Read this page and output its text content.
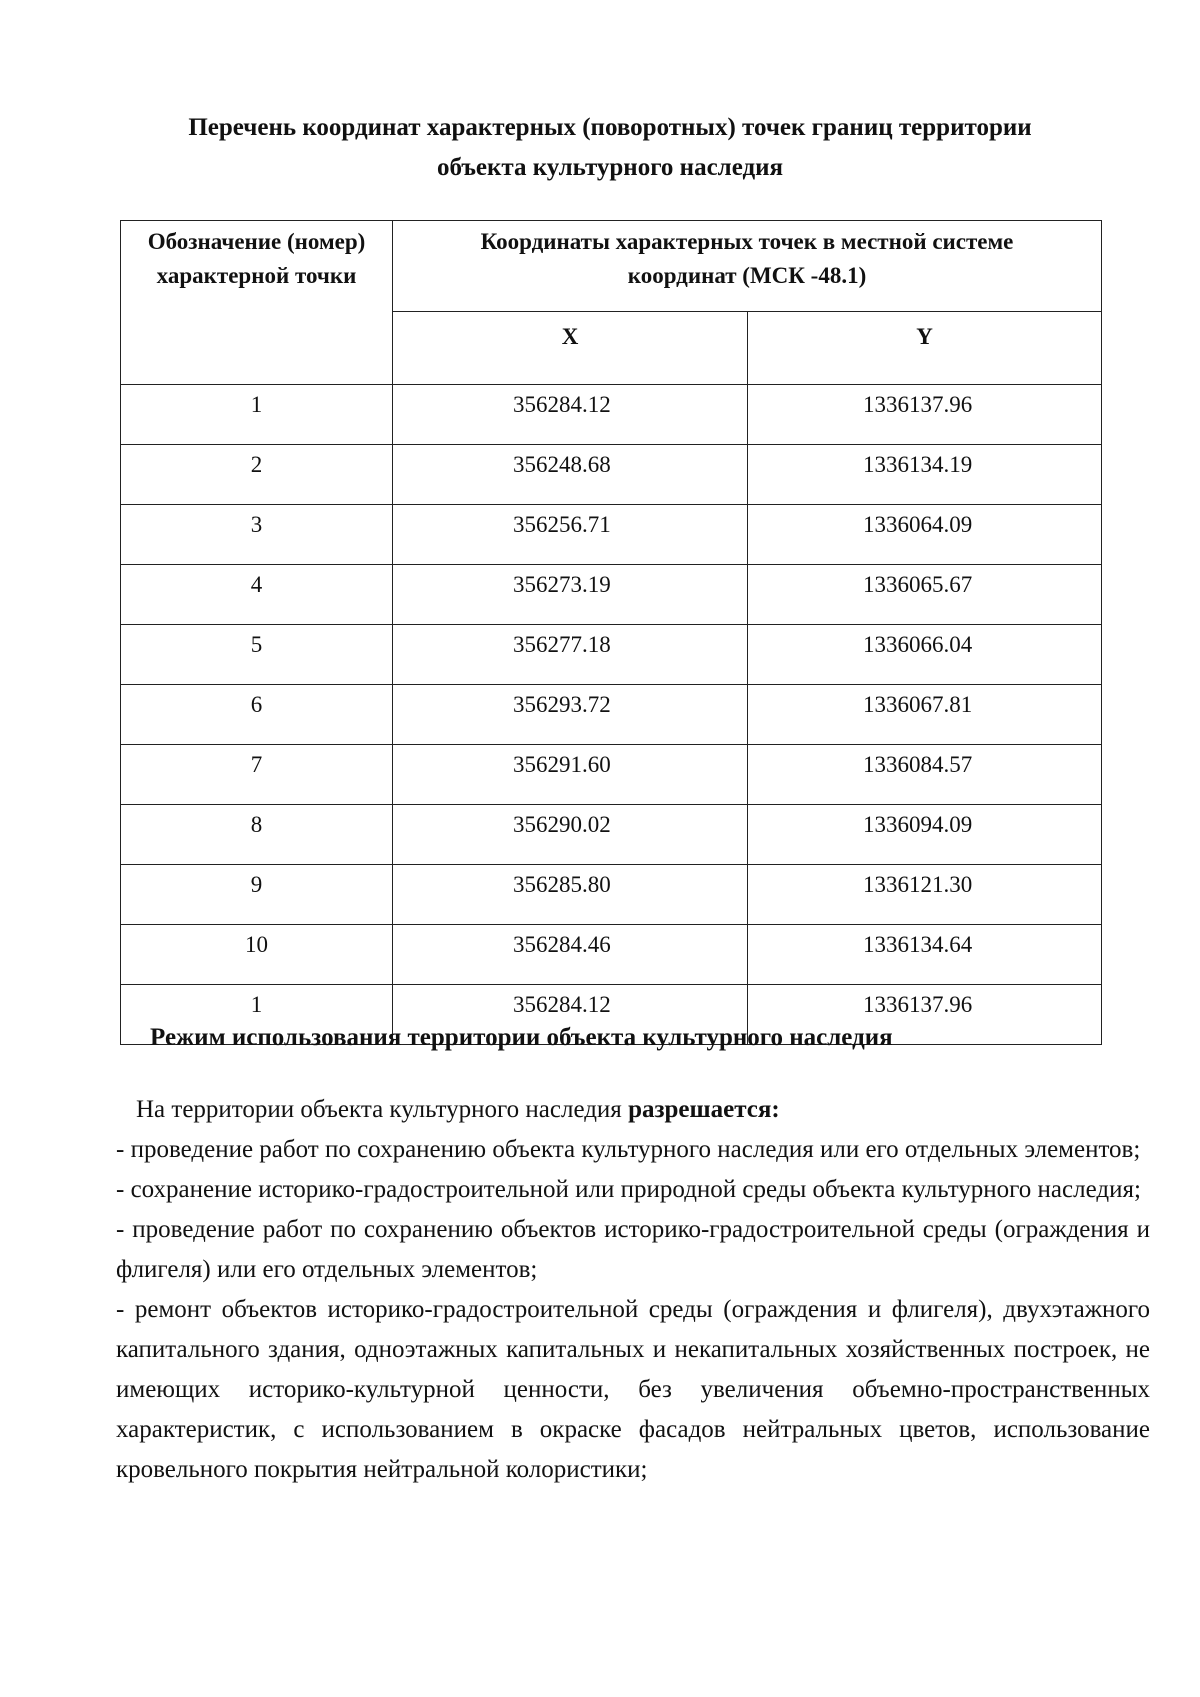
Перечень координат характерных (поворотных) точек границ территории
объекта культурного наследия
Обозначение (номер)
характерной точки	Координаты характерных точек в местной системе
координат (МСК -48.1)	

	X	Y
1	356284.12	1336137.96
2	356248.68	1336134.19
3	356256.71	1336064.09
4	356273.19	1336065.67
5	356277.18	1336066.04
6	356293.72	1336067.81
7	356291.60	1336084.57
8	356290.02	1336094.09
9	356285.80	1336121.30
10	356284.46	1336134.64
1	356284.12	1336137.96
Режим использования территории объекта культурного наследия

На территории объекта культурного наследия разрешается:

- проведение работ по сохранению объекта культурного наследия или его отдельных элементов;

- сохранение историко-градостроительной или природной среды объекта культурного наследия;

- проведение работ по сохранению объектов историко-градостроительной среды (ограждения и флигеля) или его отдельных элементов;

- ремонт объектов историко-градостроительной среды (ограждения и флигеля), двухэтажного капитального здания, одноэтажных капитальных и некапитальных хозяйственных построек, не имеющих историко-культурной ценности, без увеличения объемно-пространственных характеристик, с использованием в окраске фасадов нейтральных цветов, использование кровельного покрытия нейтральной колористики;
